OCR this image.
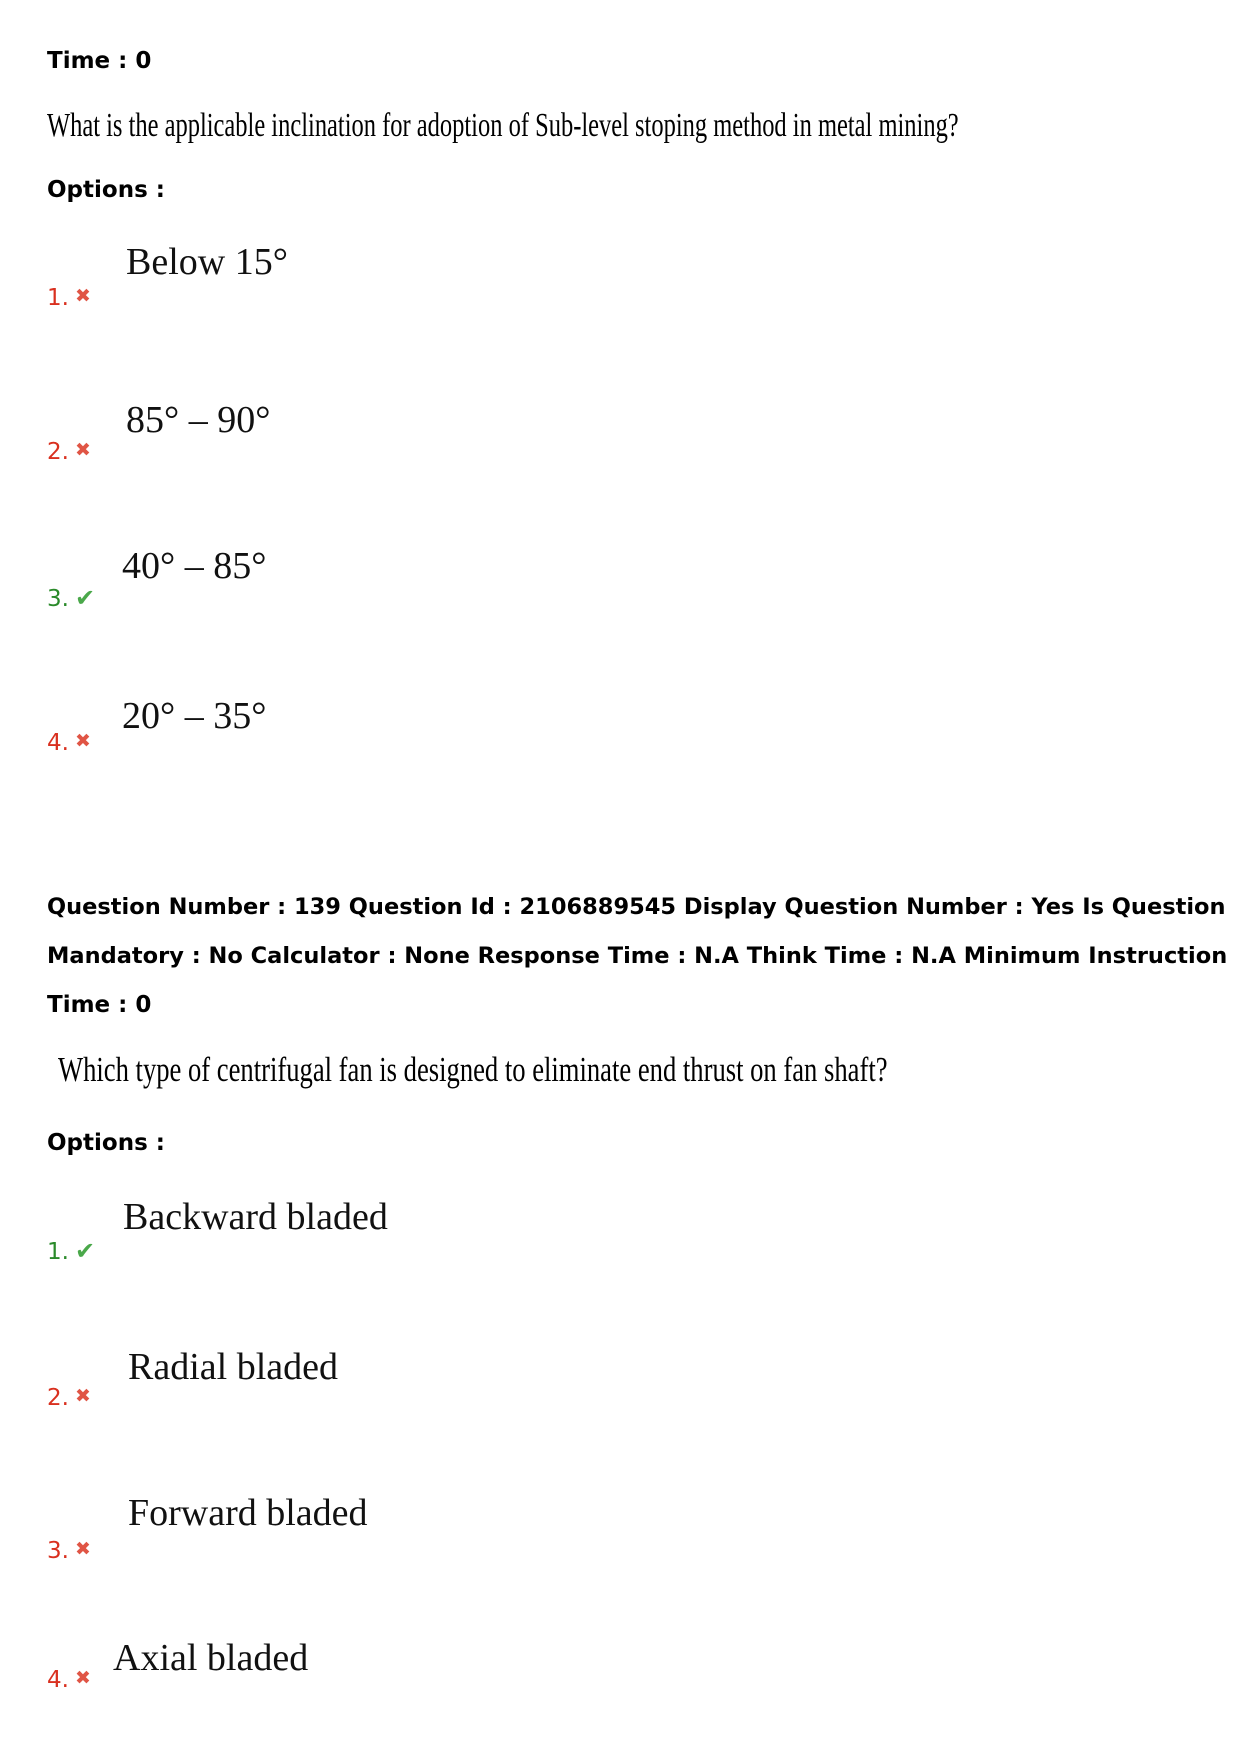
Time : 0
What is the applicable inclination for adoption of Sub-level stoping method in metal mining?
Options :
1. ✖
Below 15°
2. ✖
85° – 90°
3. ✔
40° – 85°
4. ✖
20° – 35°
Question Number : 139 Question Id : 2106889545 Display Question Number : Yes Is Question
Mandatory : No Calculator : None Response Time : N.A Think Time : N.A Minimum Instruction
Time : 0
Which type of centrifugal fan is designed to eliminate end thrust on fan shaft?
Options :
1. ✔
Backward bladed
2. ✖
Radial bladed
3. ✖
Forward bladed
4. ✖ Axial bladed
